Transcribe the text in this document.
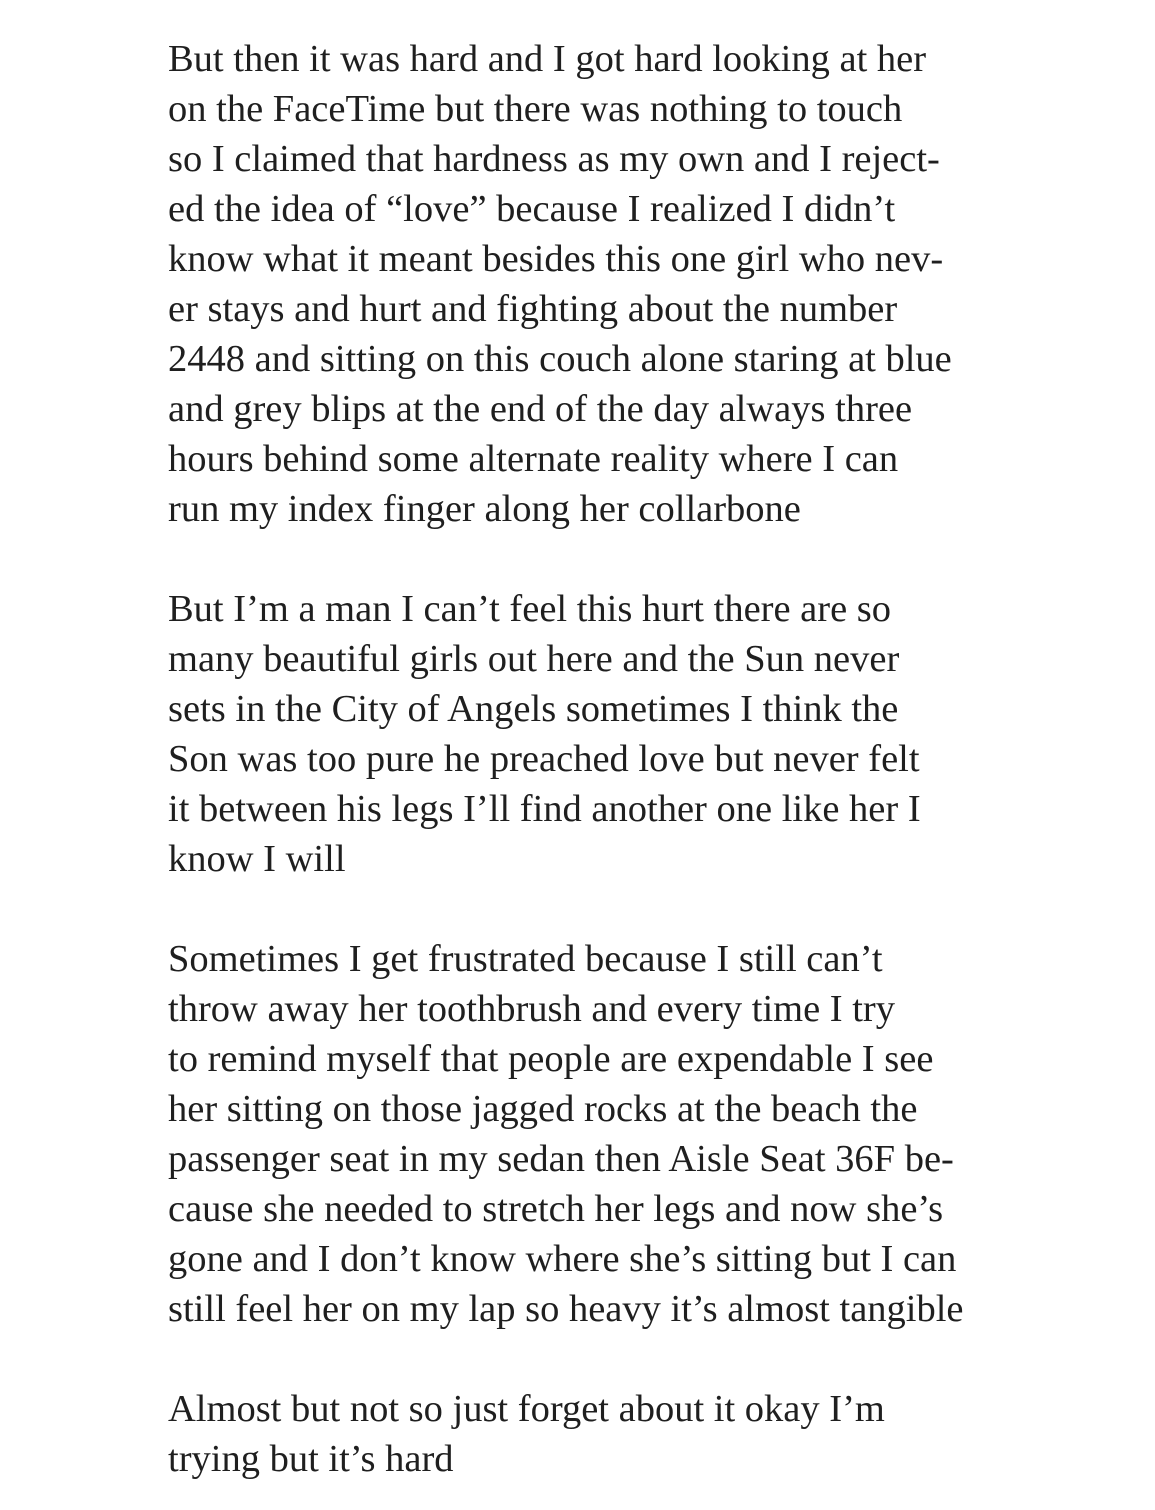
But then it was hard and I got hard looking at her
on the FaceTime but there was nothing to touch
so I claimed that hardness as my own and I reject-
ed the idea of “love” because I realized I didn’t
know what it meant besides this one girl who nev-
er stays and hurt and fighting about the number
2448 and sitting on this couch alone staring at blue
and grey blips at the end of the day always three
hours behind some alternate reality where I can
run my index finger along her collarbone
But I’m a man I can’t feel this hurt there are so
many beautiful girls out here and the Sun never
sets in the City of Angels sometimes I think the
Son was too pure he preached love but never felt
it between his legs I’ll find another one like her I
know I will
Sometimes I get frustrated because I still can’t
throw away her toothbrush and every time I try
to remind myself that people are expendable I see
her sitting on those jagged rocks at the beach the
passenger seat in my sedan then Aisle Seat 36F be-
cause she needed to stretch her legs and now she’s
gone and I don’t know where she’s sitting but I can
still feel her on my lap so heavy it’s almost tangible
Almost but not so just forget about it okay I’m
trying but it’s hard
